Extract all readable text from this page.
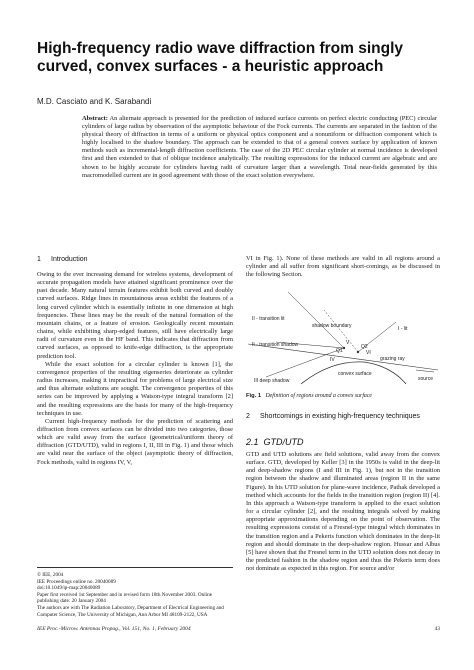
High-frequency radio wave diffraction from singly curved, convex surfaces - a heuristic approach
M.D. Casciato and K. Sarabandi
Abstract: An alternate approach is presented for the prediction of induced surface currents on perfect electric conducting (PEC) circular cylinders of large radius by observation of the asymptotic behaviour of the Fock currents. The currents are separated in the fashion of the physical theory of diffraction in terms of a uniform or physical optics component and a nonuniform or diffraction component which is highly localised to the shadow boundary. The approach can be extended to that of a general convex surface by application of known methods such as incremental-length diffraction coefficients. The case of the 2D PEC circular cylinder at normal incidence is developed first and then extended to that of oblique incidence analytically. The resulting expressions for the induced current are algebraic and are shown to be highly accurate for cylinders having radii of curvature larger than a wavelength. Total near-fields generated by this macromodelled current are in good agreement with those of the exact solution everywhere.
1 Introduction

Owing to the ever increasing demand for wireless systems, development of accurate propagation models have attained significant prominence over the past decade. Many natural terrain features exhibit both curved and doubly curved surfaces. Ridge lines in mountainous areas exhibit the features of a long curved cylinder which is essentially infinite in one dimension at high frequencies. These lines may be the result of the natural formation of the mountain chains, or a feature of erosion. Geologically recent mountain chains, while exhibiting sharp-edged features, still have electrically large radii of curvature even in the HF band. This indicates that diffraction from curved surfaces, as opposed to knife-edge diffraction, is the appropriate prediction tool.

While the exact solution for a circular cylinder is known [1], the convergence properties of the resulting eigenseries deteriorate as cylinder radius increases, making it impractical for problems of large electrical size and thus alternate solutions are sought. The convergence properties of this series can be improved by applying a Watson-type integral transform [2] and the resulting expressions are the basis for many of the high-frequency techniques in use.

Current high-frequency methods for the prediction of scattering and diffraction from convex surfaces can be divided into two categories, those which are valid away from the surface (geometrical/uniform theory of diffraction (GTD/UTD), valid in regions I, II, III in Fig. 1) and those which are valid near the surface of the object (asymptotic theory of diffraction, Fock methods, valid in regions IV, V,

© IEE, 2004
IEE Proceedings online no. 20040089
doi:10.1049/ip-map:20040089
Paper first received 1st September and in revised form 18th November 2003. Online publishing date: 20 January 2004
The authors are with The Radiation Laboratory, Department of Electrical Engineering and Computer Science, The University of Michigan, Ann Arbor MI 48109-2122, USA
VI in Fig. 1). None of these methods are valid in all regions around a cylinder and all suffer from significant short-comings, as be discussed in the following Section.
II - transition lit
shadow boundary	I - lit
II - transition shadow
III deep shadow
grazing ray
source
convex surface
IV
V
VI
Q1
Q2
Fig. 1 Definition of regions around a convex surface
2 Shortcomings in existing high-frequency techniques
2.1 GTD/UTD
GTD and UTD solutions are field solutions, valid away from the convex surface. GTD, developed by Keller [3] in the 1950s is valid in the deep-lit and deep-shadow regions (I and III in Fig. 1), but not in the transition region between the shadow and illuminated areas (region II in the same Figure). In his UTD solution for plane-wave incidence, Pathak developed a method which accounts for the fields in the transition region (region II) [4]. In this approach a Watson-type transform is applied to the exact solution for a circular cylinder [2], and the resulting integrals solved by making appropriate approximations depending on the point of observation. The resulting expressions consist of a Fresnel-type integral which dominates in the transition region and a Pekeris function which dominates in the deep-lit region and should dominate in the deep-shadow region. Hussar and Albus [5] have shown that the Fresnel term in the UTD solution does not decay in the predicted fashion in the shadow region and thus the Pekeris term does not dominate as expected in this region. For source and/or
IEE Proc.-Microw. Antennas Propag., Vol. 151, No. 1, February 2004	43
